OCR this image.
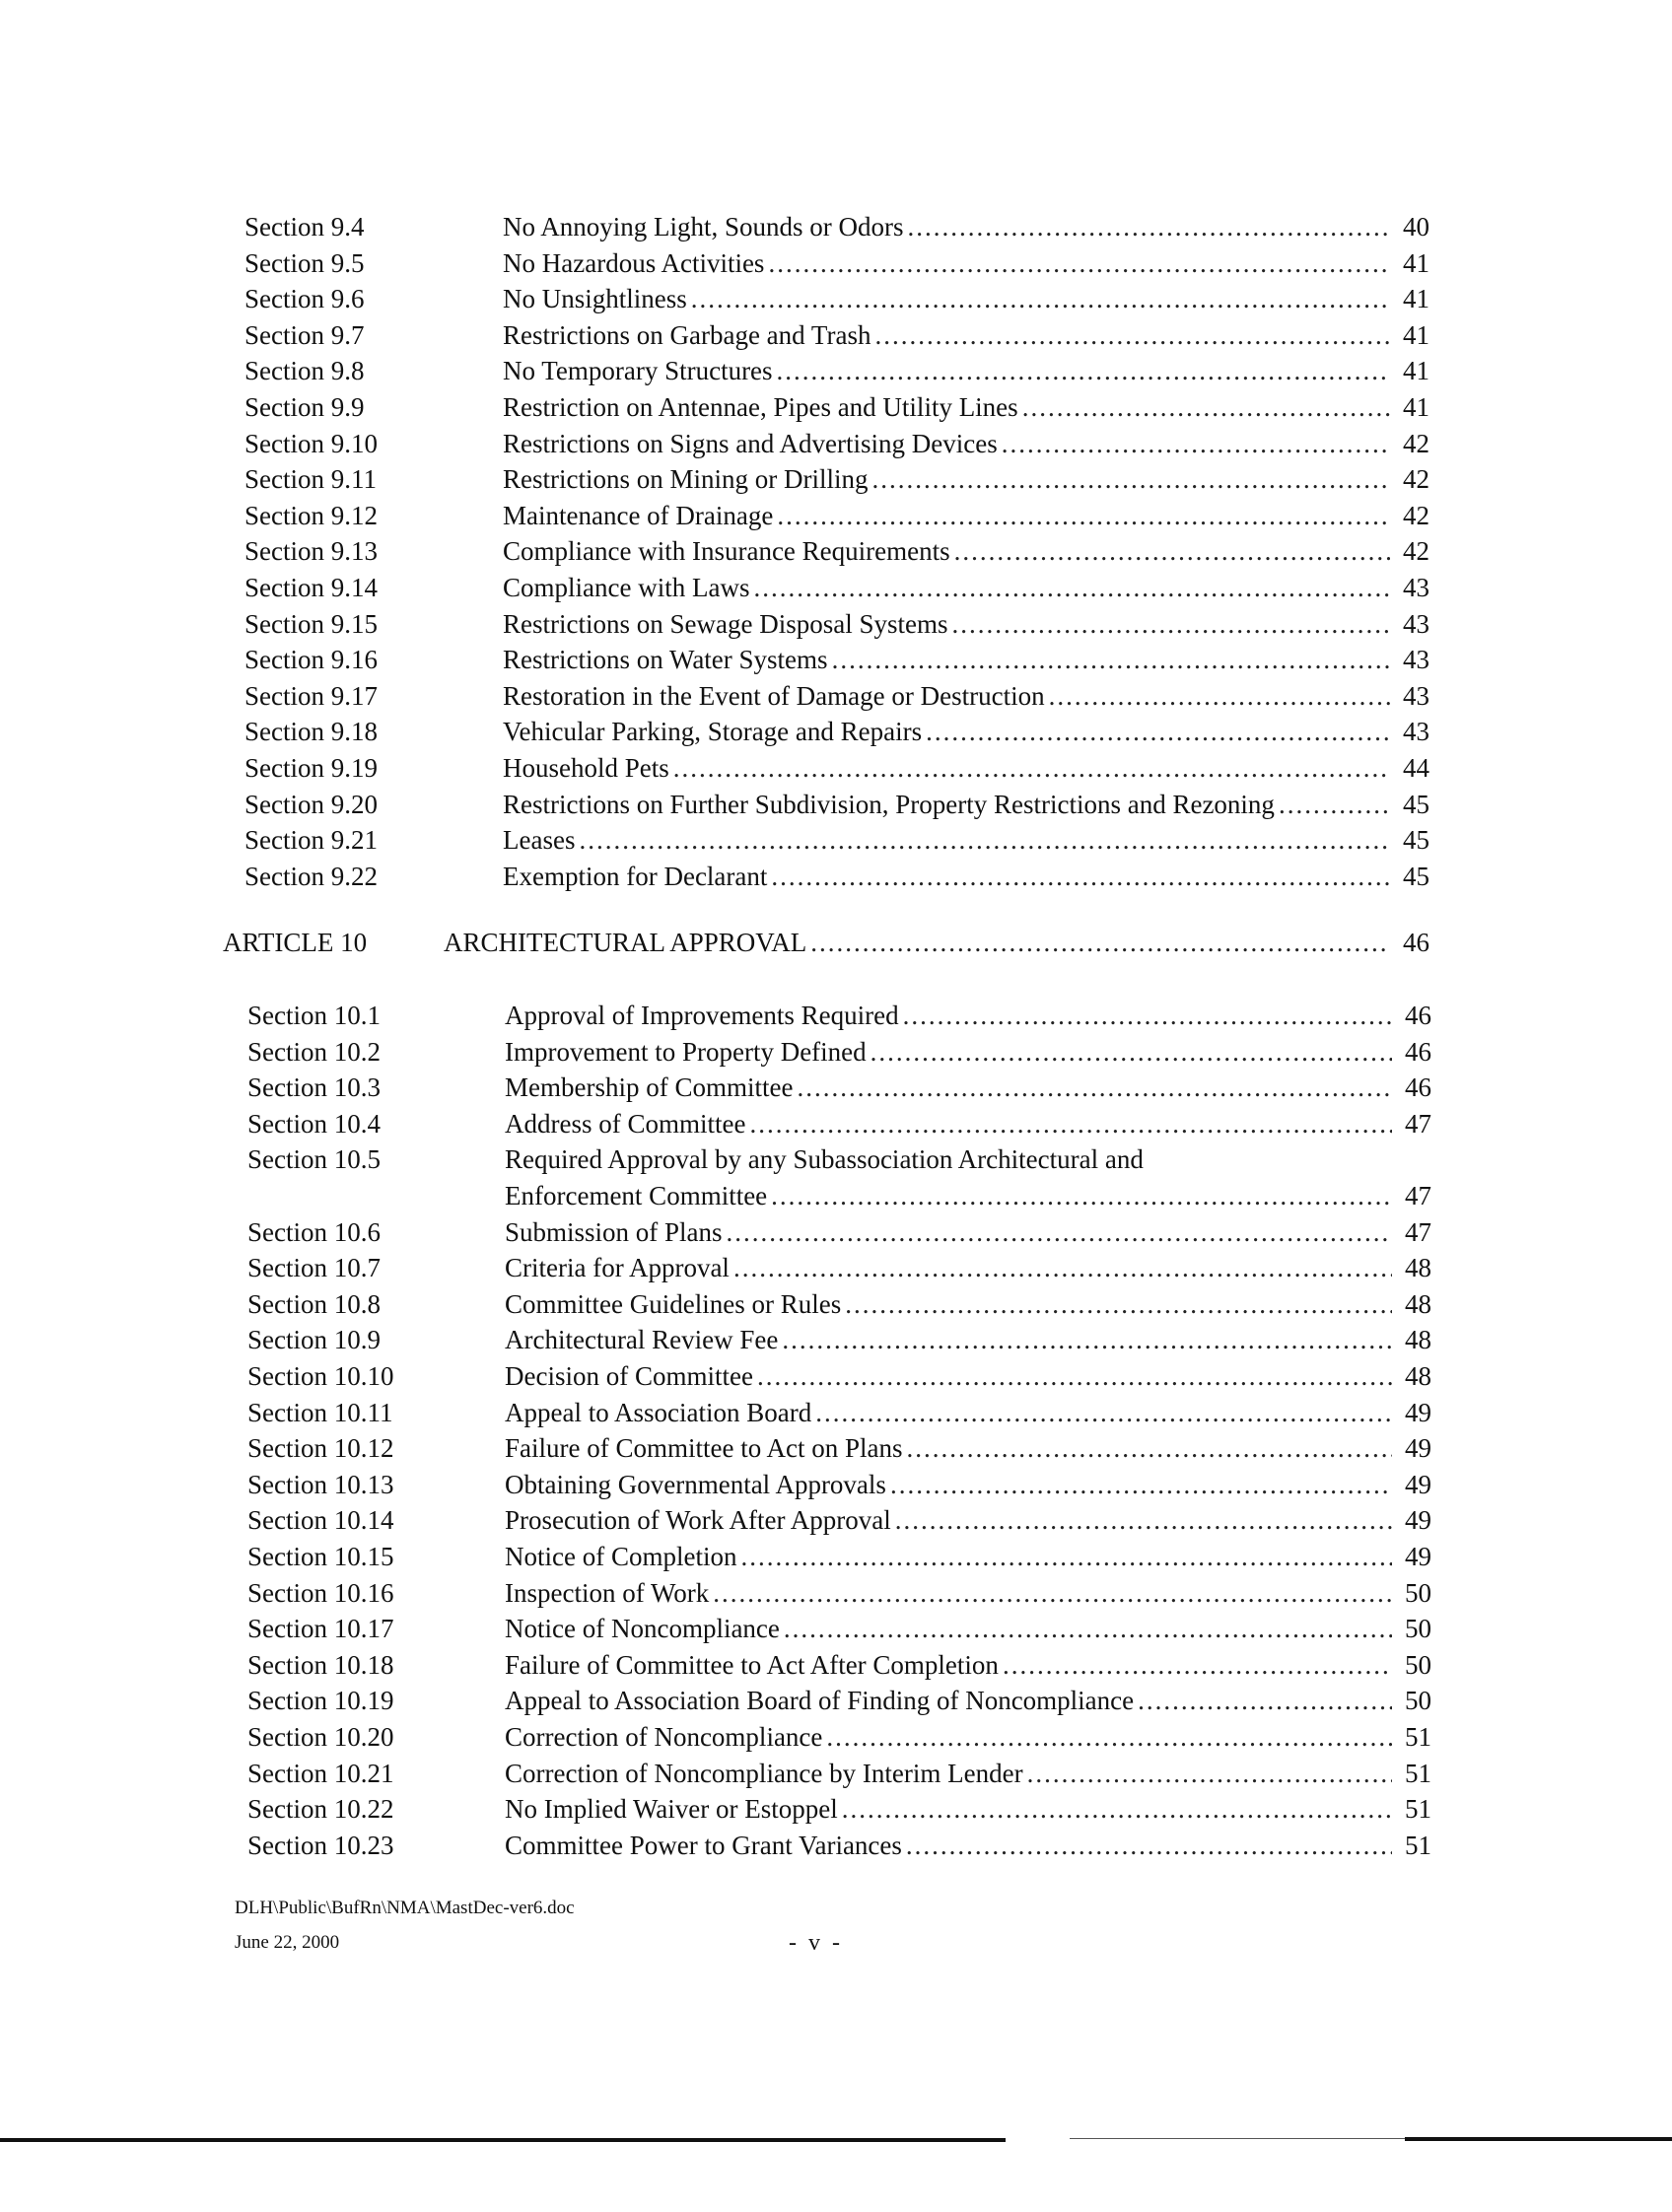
Section 9.4	No Annoying Light, Sounds or Odors .....	40
Section 9.5	No Hazardous Activities .....	41
Section 9.6	No Unsightliness .....	41
Section 9.7	Restrictions on Garbage and Trash .....	41
Section 9.8	No Temporary Structures .....	41
Section 9.9	Restriction on Antennae, Pipes and Utility Lines .....	41
Section 9.10	Restrictions on Signs and Advertising Devices .....	42
Section 9.11	Restrictions on Mining or Drilling .....	42
Section 9.12	Maintenance of Drainage .....	42
Section 9.13	Compliance with Insurance Requirements .....	42
Section 9.14	Compliance with Laws .....	43
Section 9.15	Restrictions on Sewage Disposal Systems .....	43
Section 9.16	Restrictions on Water Systems .....	43
Section 9.17	Restoration in the Event of Damage or Destruction .....	43
Section 9.18	Vehicular Parking, Storage and Repairs .....	43
Section 9.19	Household Pets .....	44
Section 9.20	Restrictions on Further Subdivision, Property Restrictions and Rezoning .....	45
Section 9.21	Leases .....	45
Section 9.22	Exemption for Declarant .....	45
ARTICLE 10	ARCHITECTURAL APPROVAL .....	46
Section 10.1	Approval of Improvements Required .....	46
Section 10.2	Improvement to Property Defined .....	46
Section 10.3	Membership of Committee .....	46
Section 10.4	Address of Committee .....	47
Section 10.5	Required Approval by any Subassociation Architectural and
Enforcement Committee .....	47
Section 10.6	Submission of Plans .....	47
Section 10.7	Criteria for Approval .....	48
Section 10.8	Committee Guidelines or Rules .....	48
Section 10.9	Architectural Review Fee .....	48
Section 10.10	Decision of Committee .....	48
Section 10.11	Appeal to Association Board .....	49
Section 10.12	Failure of Committee to Act on Plans .....	49
Section 10.13	Obtaining Governmental Approvals .....	49
Section 10.14	Prosecution of Work After Approval .....	49
Section 10.15	Notice of Completion .....	49
Section 10.16	Inspection of Work .....	50
Section 10.17	Notice of Noncompliance .....	50
Section 10.18	Failure of Committee to Act After Completion .....	50
Section 10.19	Appeal to Association Board of Finding of Noncompliance .....	50
Section 10.20	Correction of Noncompliance .....	51
Section 10.21	Correction of Noncompliance by Interim Lender .....	51
Section 10.22	No Implied Waiver or Estoppel .....	51
Section 10.23	Committee Power to Grant Variances .....	51
DLH\Public\BufRn\NMA\MastDec-ver6.doc
June 22, 2000	- v -
